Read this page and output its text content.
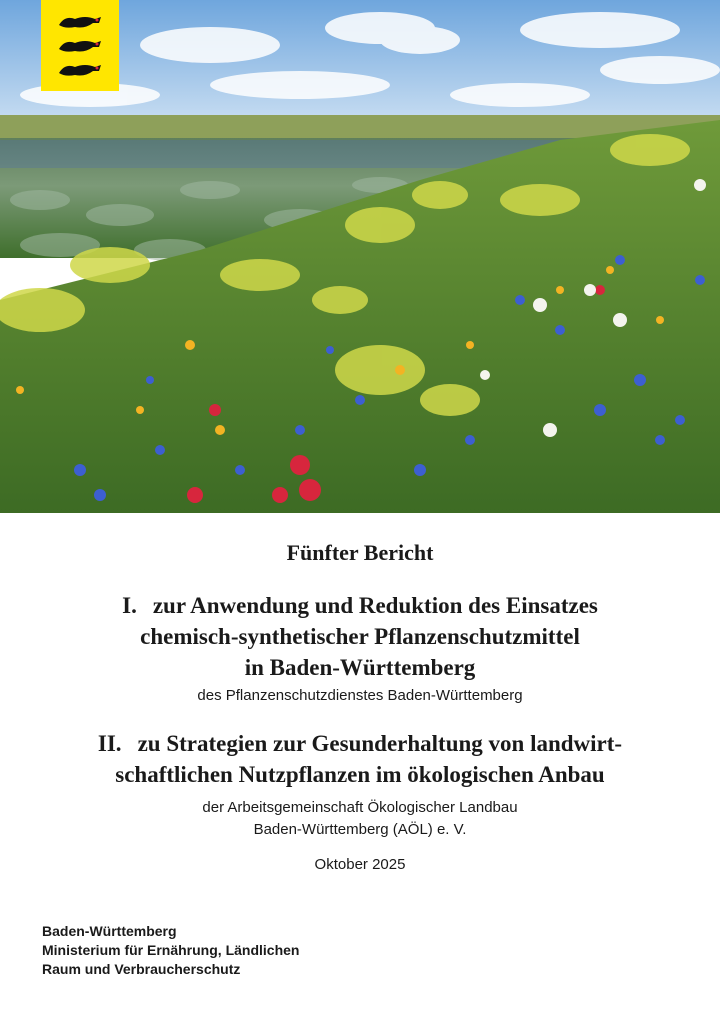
Fünfter Bericht
I. zur Anwendung und Reduktion des Einsatzes
chemisch-synthetischer Pflanzenschutzmittel
in Baden-Württemberg
des Pflanzenschutzdienstes Baden-Württemberg
II. zu Strategien zur Gesunderhaltung von landwirt-
schaftlichen Nutzpflanzen im ökologischen Anbau
der Arbeitsgemeinschaft Ökologischer Landbau
Baden-Württemberg (AÖL) e. V.
Oktober 2025
Baden-Württemberg
Ministerium für Ernährung, Ländlichen
Raum und Verbraucherschutz
